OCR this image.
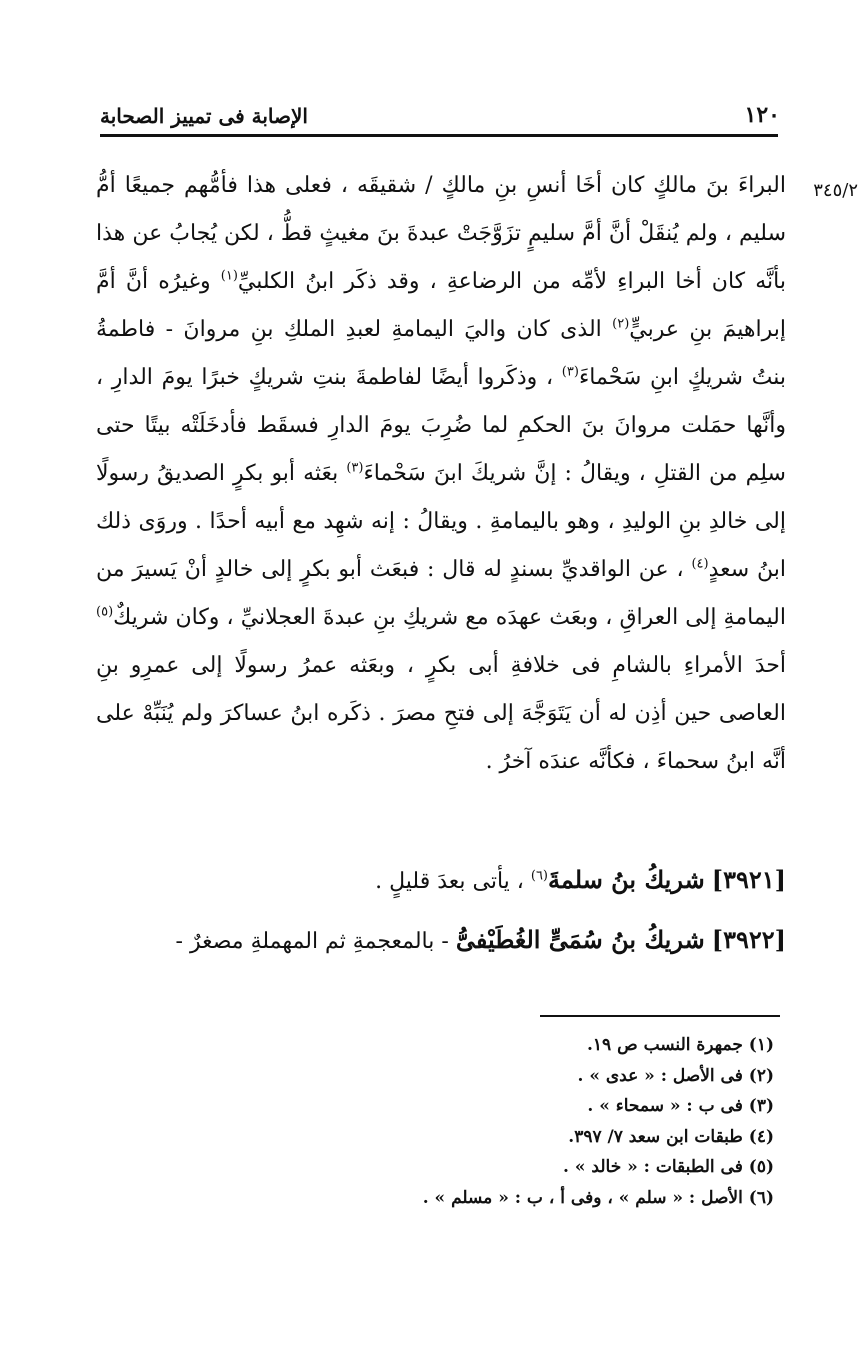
١٢٠
الإصابة فى تمييز الصحابة
٣٤٥/٢

البراءَ بنَ مالكٍ كان أخَا أنسِ بنِ مالكٍ / شقيقَه ، فعلى هذا فأمُّهم جميعًا أمُّ سليم ، ولم يُنقَلْ أنَّ أمَّ سليمٍ تزَوَّجَتْ عبدةَ بنَ مغيثٍ قطُّ ، لكن يُجابُ عن هذا بأنَّه كان أخا البراءِ لأمِّه من الرضاعةِ ، وقد ذكَر ابنُ الكلبيِّ$^{(١)}$ وغيرُه أنَّ أمَّ إبراهيمَ بنِ عربيٍّ$^{(٢)}$ الذى كان واليَ اليمامةِ لعبدِ الملكِ بنِ مروانَ - فاطمةُ بنتُ شريكٍ ابنِ سَحْماءَ$^{(٣)}$ ، وذكَروا أيضًا لفاطمةَ بنتِ شريكٍ خبرًا يومَ الدارِ ، وأنَّها حمَلت مروانَ بنَ الحكمِ لما ضُرِبَ يومَ الدارِ فسقَط فأدخَلَتْه بيتًا حتى سلِم من القتلِ ، ويقالُ : إنَّ شريكَ ابنَ سَحْماءَ$^{(٣)}$ بعَثه أبو بكرٍ الصديقُ رسولًا إلى خالدِ بنِ الوليدِ ، وهو باليمامةِ . ويقالُ : إنه شهِد مع أبيه أحدًا . وروَى ذلك ابنُ سعدٍ$^{(٤)}$ ، عن الواقديِّ بسندٍ له قال : فبعَث أبو بكرٍ إلى خالدٍ أنْ يَسيرَ من اليمامةِ إلى العراقِ ، وبعَث عهدَه مع شريكِ بنِ عبدةَ العجلانيِّ ، وكان شريكٌ$^{(٥)}$ أحدَ الأمراءِ بالشامِ فى خلافةِ أبى بكرٍ ، وبعَثه عمرُ رسولًا إلى عمرِو بنِ العاصى حين أذِن له أن يَتَوَجَّهَ إلى فتحِ مصرَ . ذكَره ابنُ عساكرَ ولم يُنَبِّهْ على أنَّه ابنُ سحماءَ ، فكأنَّه عندَه آخرُ .

[٣٩٢١] شريكُ بنُ سلمةَ$^{(٦)}$ ، يأتى بعدَ قليلٍ .
[٣٩٢٢] شريكُ بنُ سُمَىٍّ الغُطَيْفىُّ - بالمعجمةِ ثم المهملةِ مصغرٌ -
(١) جمهرة النسب ص ١٩.
(٢) فى الأصل : « عدى » .
(٣) فى ب : « سمحاء » .
(٤) طبقات ابن سعد ٧/ ٣٩٧.
(٥) فى الطبقات : « خالد » .
(٦) الأصل : « سلم » ، وفى أ ، ب : « مسلم » .
